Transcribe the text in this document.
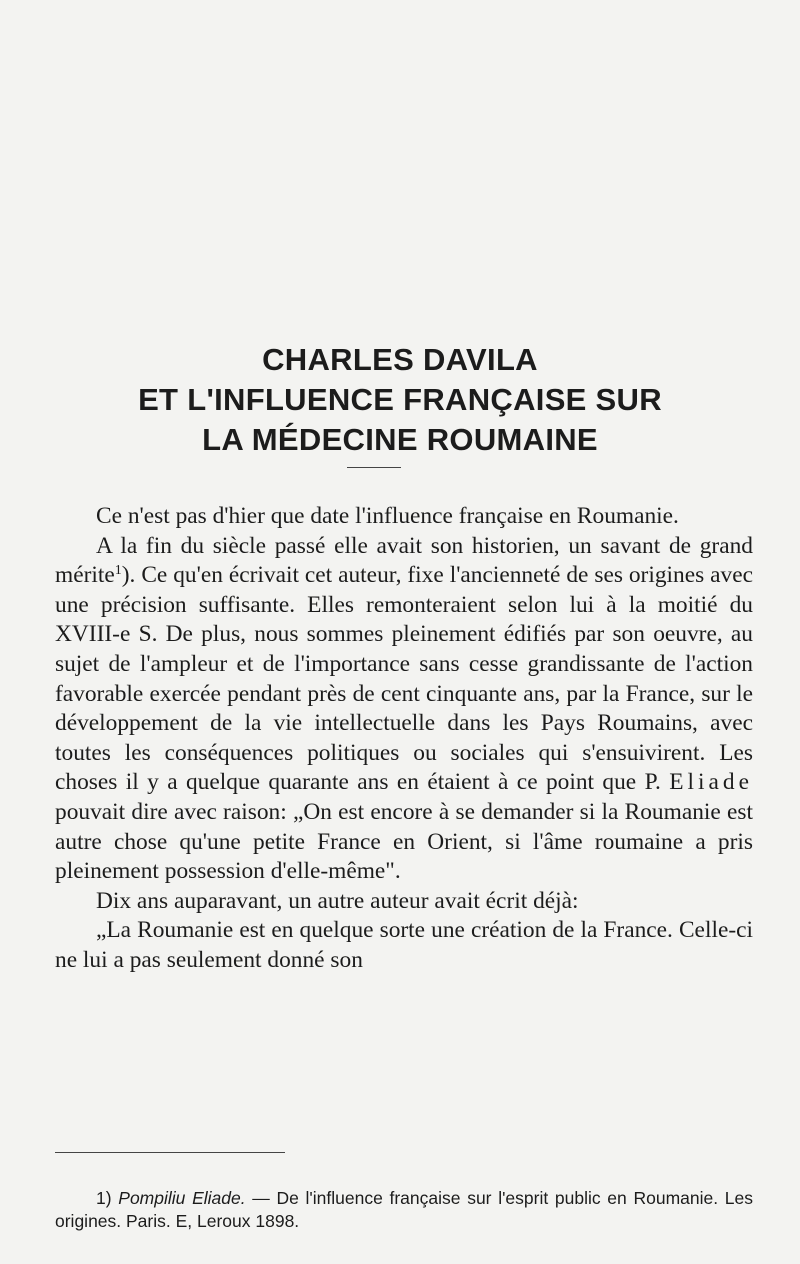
CHARLES DAVILA
ET L'INFLUENCE FRANÇAISE SUR
LA MÉDECINE ROUMAINE

Ce n'est pas d'hier que date l'influence française en Roumanie.

A la fin du siècle passé elle avait son historien, un savant de grand mérite$^1$). Ce qu'en écrivait cet auteur, fixe l'ancienneté de ses origines avec une précision suffisante. Elles remonteraient selon lui à la moitié du XVIII-e S. De plus, nous sommes pleinement édifiés par son oeuvre, au sujet de l'ampleur et de l'importance sans cesse grandissante de l'action favorable exercée pendant près de cent cinquante ans, par la France, sur le développement de la vie intellectuelle dans les Pays Roumains, avec toutes les conséquences politiques ou sociales qui s'ensuivirent. Les choses il y a quelque quarante ans en étaient à ce point que P. Eliade pouvait dire avec raison: „On est encore à se demander si la Roumanie est autre chose qu'une petite France en Orient, si l'âme roumaine a pris pleinement possession d'elle-même".

Dix ans auparavant, un autre auteur avait écrit déjà:

„La Roumanie est en quelque sorte une création de la France. Celle-ci ne lui a pas seulement donné son

1) Pompiliu Eliade. — De l'influence française sur l'esprit public en Roumanie. Les origines. Paris. E, Leroux 1898.
